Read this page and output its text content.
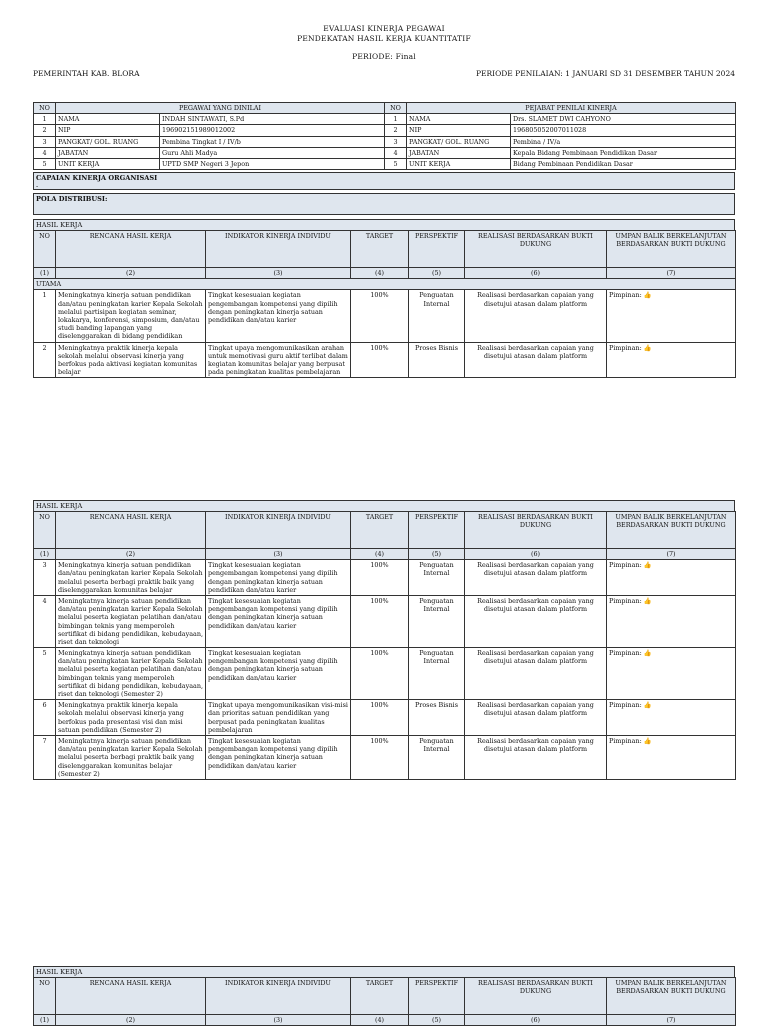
EVALUASI KINERJA PEGAWAI
PENDEKATAN HASIL KERJA KUANTITATIF
PERIODE: Final
PEMERINTAH KAB. BLORA	PERIODE PENILAIAN: 1 JANUARI SD 31 DESEMBER TAHUN 2024
NO	PEGAWAI YANG DINILAI		NO	PEJABAT PENILAI KINERJA	
1	NAMA	INDAH SINTAWATI, S.Pd	1	NAMA	Drs. SLAMET DWI CAHYONO
2	NIP	196902151989012002	2	NIP	196805052007011028
3	PANGKAT/ GOL. RUANG	Pembina Tingkat I / IV/b	3	PANGKAT/ GOL. RUANG	Pembina / IV/a
4	JABATAN	Guru Ahli Madya	4	JABATAN	Kepala Bidang Pembinaan Pendidikan Dasar
5	UNIT KERJA	UPTD SMP Negeri 3 Jepon	5	UNIT KERJA	Bidang Pembinaan Pendidikan Dasar
CAPAIAN KINERJA ORGANISASI
-
POLA DISTRIBUSI:
HASIL KERJA
NO	RENCANA HASIL KERJA	INDIKATOR KINERJA INDIVIDU	TARGET	PERSPEKTIF	REALISASI BERDASARKAN BUKTI DUKUNG	UMPAN BALIK BERKELANJUTAN BERDASARKAN BUKTI DUKUNG
(1)	(2)	(3)	(4)	(5)	(6)	(7)
UTAMA						
1	Meningkatnya kinerja satuan pendidikan dan/atau peningkatan karier Kepala Sekolah melalui partisipan kegiatan seminar, lokakarya, konferensi, simposium, dan/atau studi banding lapangan yang diselenggarakan di bidang pendidikan	Tingkat kesesuaian kegiatan pengembangan kompetensi yang dipilih dengan peningkatan kinerja satuan pendidikan dan/atau karier	100%	Penguatan Internal	Realisasi berdasarkan capaian yang disetujui atasan dalam platform	Pimpinan: 👍
2	Meningkatnya praktik kinerja kepala sekolah melalui observasi kinerja yang berfokus pada aktivasi kegiatan komunitas belajar	Tingkat upaya mengomunikasikan arahan untuk memotivasi guru aktif terlibat dalam kegiatan komunitas belajar yang berpusat pada peningkatan kualitas pembelajaran	100%	Proses Bisnis	Realisasi berdasarkan capaian yang disetujui atasan dalam platform	Pimpinan: 👍
HASIL KERJA
NO	RENCANA HASIL KERJA	INDIKATOR KINERJA INDIVIDU	TARGET	PERSPEKTIF	REALISASI BERDASARKAN BUKTI DUKUNG	UMPAN BALIK BERKELANJUTAN BERDASARKAN BUKTI DUKUNG
(1)	(2)	(3)	(4)	(5)	(6)	(7)
3	Meningkatnya kinerja satuan pendidikan dan/atau peningkatan karier Kepala Sekolah melalui peserta berbagi praktik baik yang diselenggarakan komunitas belajar	Tingkat kesesuaian kegiatan pengembangan kompetensi yang dipilih dengan peningkatan kinerja satuan pendidikan dan/atau karier	100%	Penguatan Internal	Realisasi berdasarkan capaian yang disetujui atasan dalam platform	Pimpinan: 👍
4	Meningkatnya kinerja satuan pendidikan dan/atau peningkatan karier Kepala Sekolah melalui peserta kegiatan pelatihan dan/atau bimbingan teknis yang memperoleh sertifikat di bidang pendidikan, kebudayaan, riset dan teknologi	Tingkat kesesuaian kegiatan pengembangan kompetensi yang dipilih dengan peningkatan kinerja satuan pendidikan dan/atau karier	100%	Penguatan Internal	Realisasi berdasarkan capaian yang disetujui atasan dalam platform	Pimpinan: 👍
5	Meningkatnya kinerja satuan pendidikan dan/atau peningkatan karier Kepala Sekolah melalui peserta kegiatan pelatihan dan/atau bimbingan teknis yang memperoleh sertifikat di bidang pendidikan, kebudayaan, riset dan teknologi (Semester 2)	Tingkat kesesuaian kegiatan pengembangan kompetensi yang dipilih dengan peningkatan kinerja satuan pendidikan dan/atau karier	100%	Penguatan Internal	Realisasi berdasarkan capaian yang disetujui atasan dalam platform	Pimpinan: 👍
6	Meningkatnya praktik kinerja kepala sekolah melalui observasi kinerja yang berfokus pada presentasi visi dan misi satuan pendidikan (Semester 2)	Tingkat upaya mengomunikasikan visi-misi dan prioritas satuan pendidikan yang berpusat pada peningkatan kualitas pembelajaran	100%	Proses Bisnis	Realisasi berdasarkan capaian yang disetujui atasan dalam platform	Pimpinan: 👍
7	Meningkatnya kinerja satuan pendidikan dan/atau peningkatan karier Kepala Sekolah melalui peserta berbagi praktik baik yang diselenggarakan komunitas belajar (Semester 2)	Tingkat kesesuaian kegiatan pengembangan kompetensi yang dipilih dengan peningkatan kinerja satuan pendidikan dan/atau karier	100%	Penguatan Internal	Realisasi berdasarkan capaian yang disetujui atasan dalam platform	Pimpinan: 👍
HASIL KERJA
NO	RENCANA HASIL KERJA	INDIKATOR KINERJA INDIVIDU	TARGET	PERSPEKTIF	REALISASI BERDASARKAN BUKTI DUKUNG	UMPAN BALIK BERKELANJUTAN BERDASARKAN BUKTI DUKUNG
(1)	(2)	(3)	(4)	(5)	(6)	(7)
